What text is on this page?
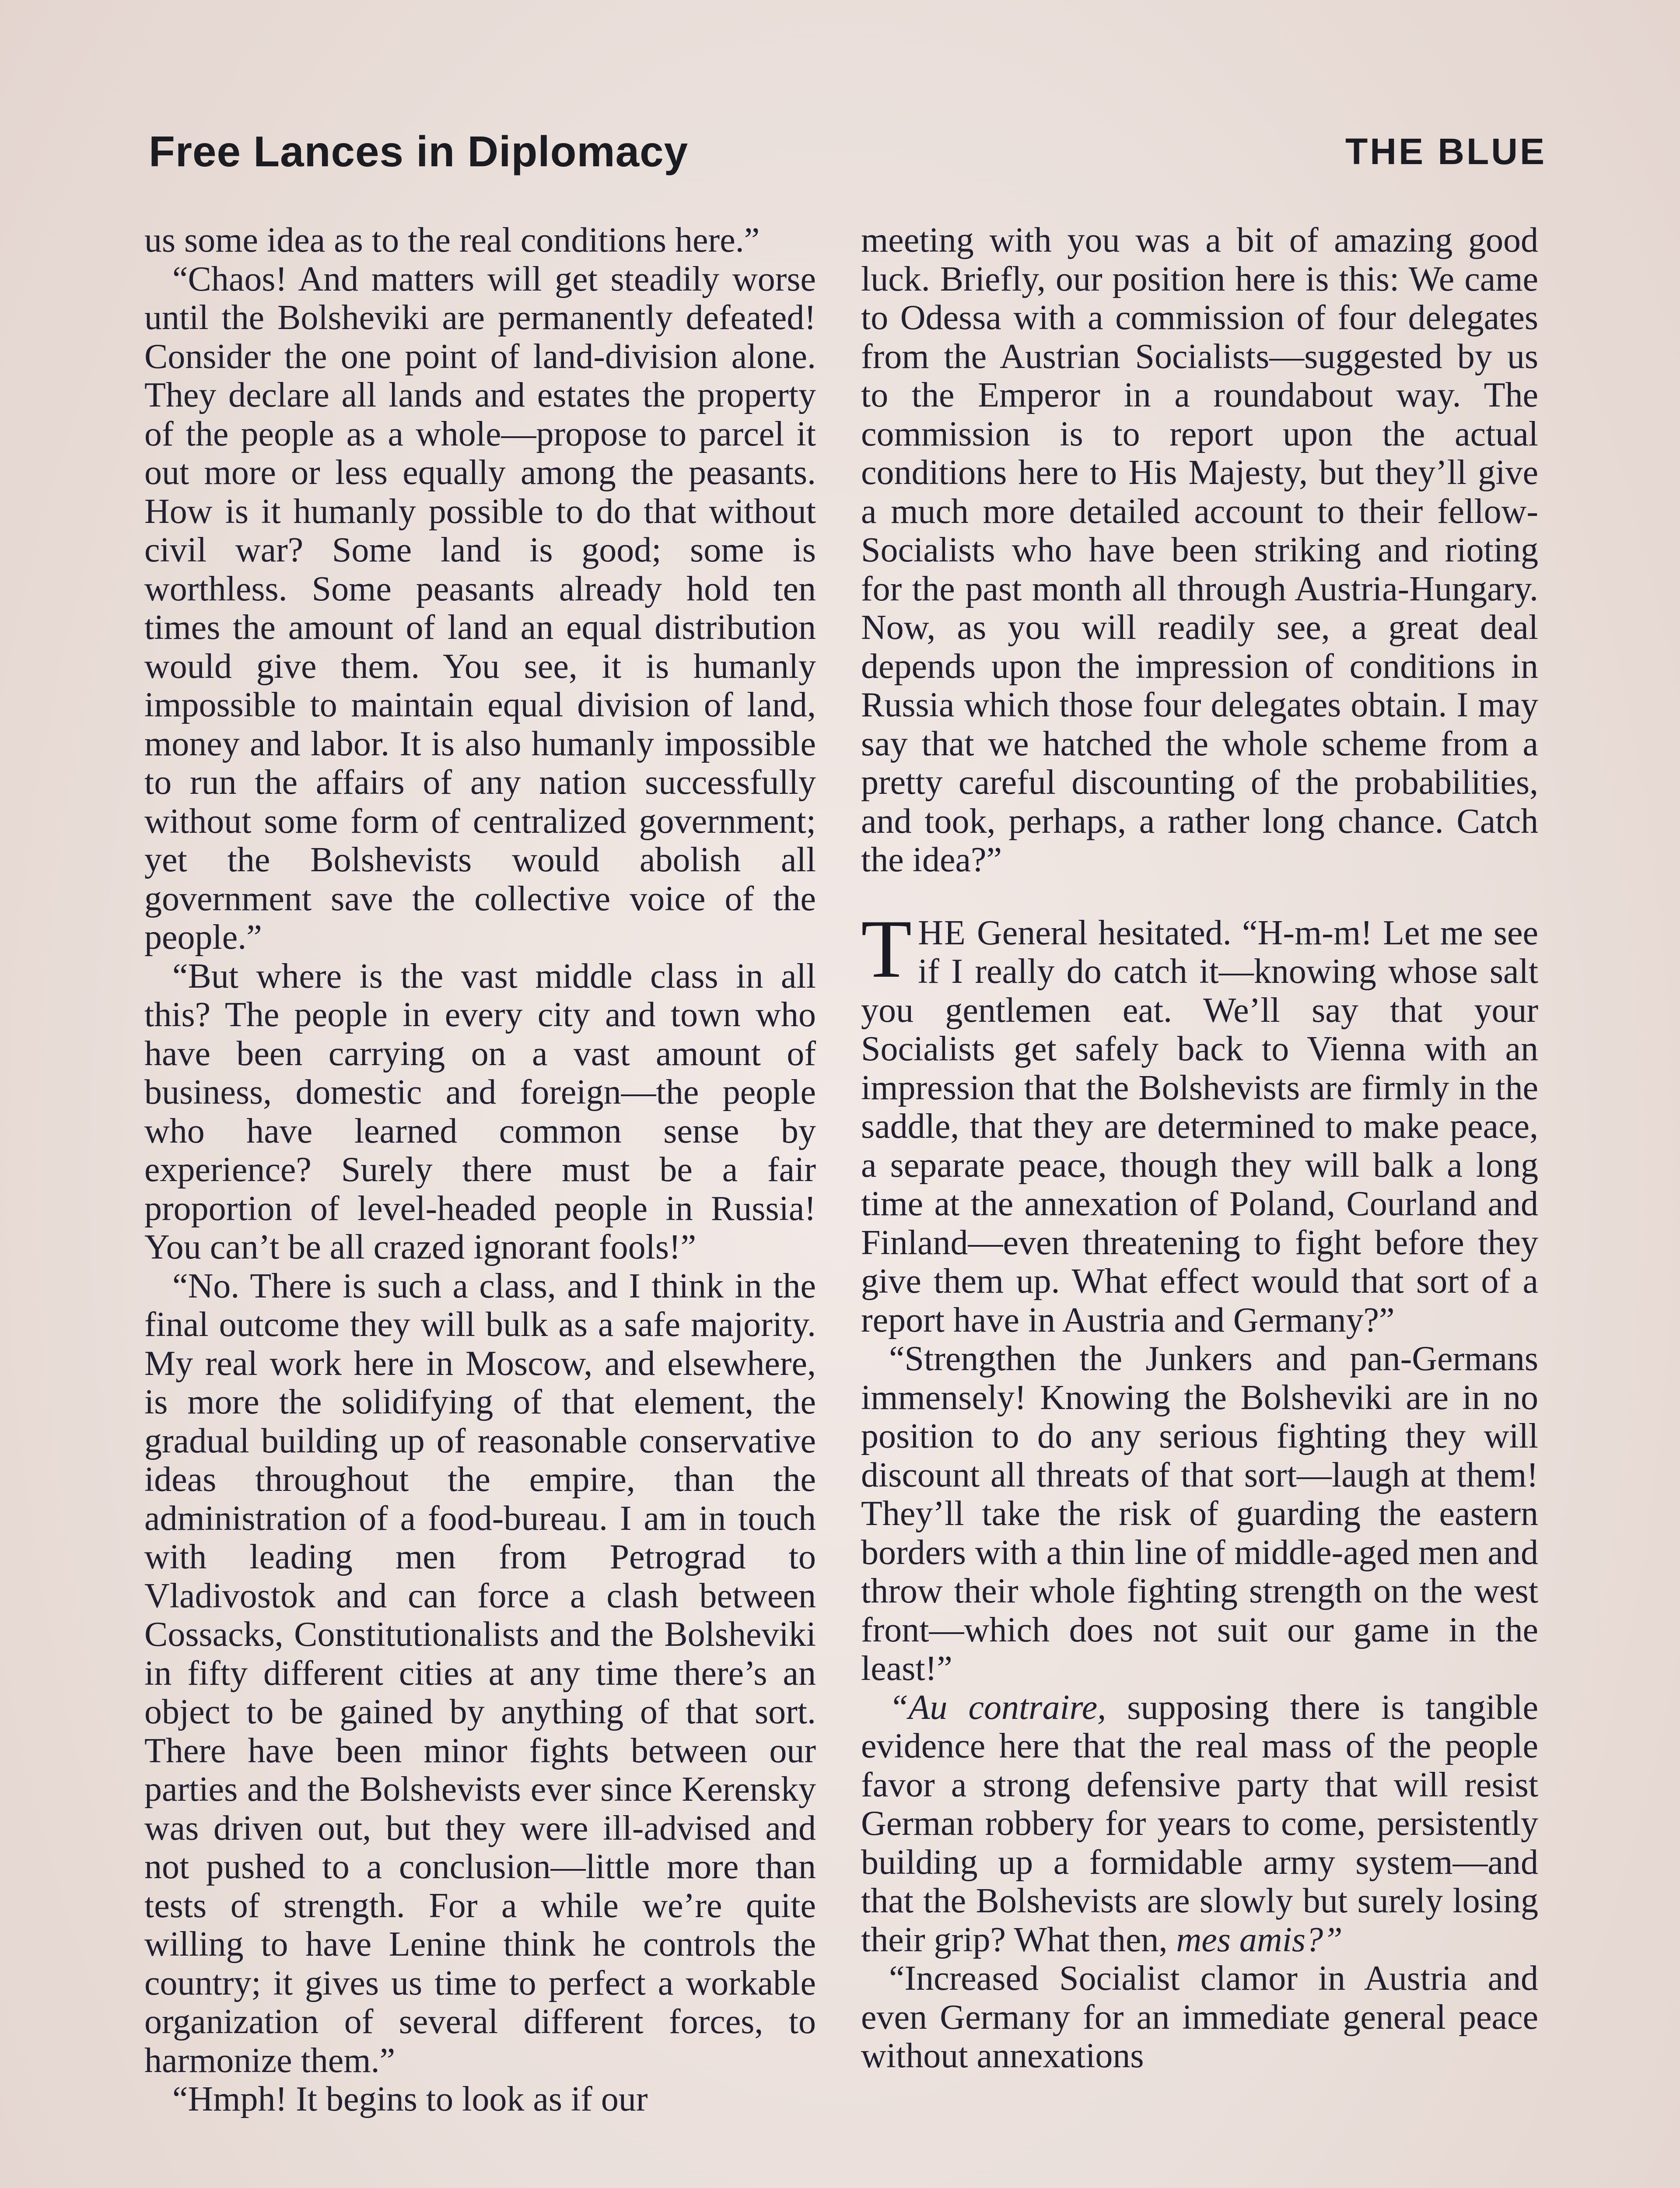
Free Lances in Diplomacy	THE BLUE

us some idea as to the real conditions here.”

“Chaos! And matters will get steadily worse until the Bolsheviki are permanently defeated! Consider the one point of land-division alone. They declare all lands and estates the property of the people as a whole—propose to parcel it out more or less equally among the peasants. How is it humanly possible to do that without civil war? Some land is good; some is worthless. Some peasants already hold ten times the amount of land an equal distribution would give them. You see, it is humanly impossible to maintain equal division of land, money and labor. It is also humanly impossible to run the affairs of any nation successfully without some form of centralized government; yet the Bolshevists would abolish all government save the collective voice of the people.”

“But where is the vast middle class in all this? The people in every city and town who have been carrying on a vast amount of business, domestic and foreign—the people who have learned common sense by experience? Surely there must be a fair proportion of level-headed people in Russia! You can’t be all crazed ignorant fools!”

“No. There is such a class, and I think in the final outcome they will bulk as a safe majority. My real work here in Moscow, and elsewhere, is more the solidifying of that element, the gradual building up of reasonable conservative ideas throughout the empire, than the administration of a food-bureau. I am in touch with leading men from Petrograd to Vladivostok and can force a clash between Cossacks, Constitutionalists and the Bolsheviki in fifty different cities at any time there’s an object to be gained by anything of that sort. There have been minor fights between our parties and the Bolshevists ever since Kerensky was driven out, but they were ill-advised and not pushed to a conclusion—little more than tests of strength. For a while we’re quite willing to have Lenine think he controls the country; it gives us time to perfect a workable organization of several different forces, to harmonize them.”

“Hmph! It begins to look as if our

meeting with you was a bit of amazing good luck. Briefly, our position here is this: We came to Odessa with a commission of four delegates from the Austrian Socialists—suggested by us to the Emperor in a roundabout way. The commission is to report upon the actual conditions here to His Majesty, but they’ll give a much more detailed account to their fellow-Socialists who have been striking and rioting for the past month all through Austria-Hungary. Now, as you will readily see, a great deal depends upon the impression of conditions in Russia which those four delegates obtain. I may say that we hatched the whole scheme from a pretty careful discounting of the probabilities, and took, perhaps, a rather long chance. Catch the idea?”

THE General hesitated. “H-m-m! Let me see if I really do catch it—knowing whose salt you gentlemen eat. We’ll say that your Socialists get safely back to Vienna with an impression that the Bolshevists are firmly in the saddle, that they are determined to make peace, a separate peace, though they will balk a long time at the annexation of Poland, Courland and Finland—even threatening to fight before they give them up. What effect would that sort of a report have in Austria and Germany?”

“Strengthen the Junkers and pan-Germans immensely! Knowing the Bolsheviki are in no position to do any serious fighting they will discount all threats of that sort—laugh at them! They’ll take the risk of guarding the eastern borders with a thin line of middle-aged men and throw their whole fighting strength on the west front—which does not suit our game in the least!”

“Au contraire, supposing there is tangible evidence here that the real mass of the people favor a strong defensive party that will resist German robbery for years to come, persistently building up a formidable army system—and that the Bolshevists are slowly but surely losing their grip? What then, mes amis?”

“Increased Socialist clamor in Austria and even Germany for an immediate general peace without annexations
